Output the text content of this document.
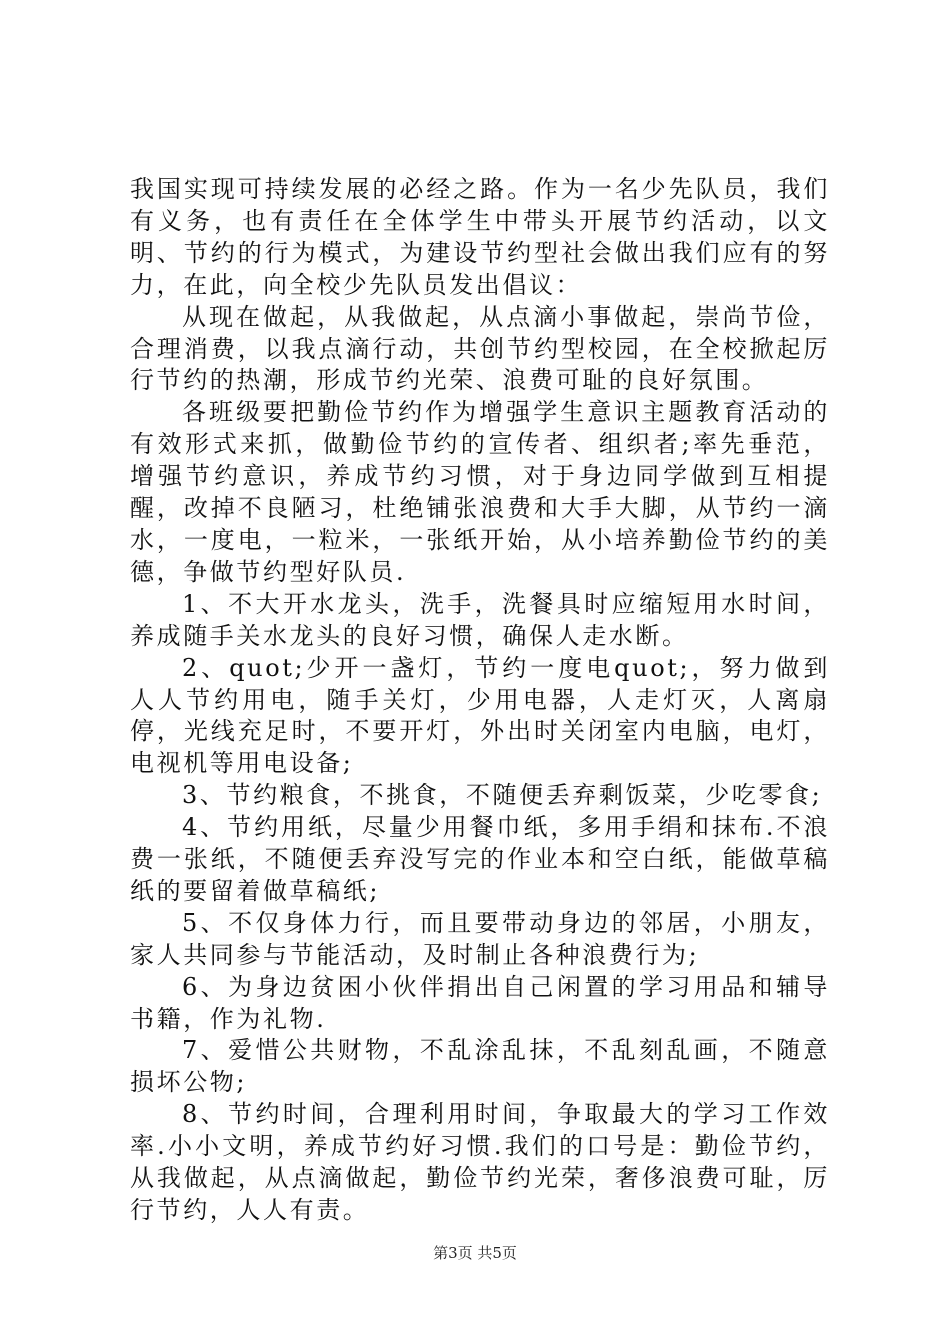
我国实现可持续发展的必经之路。作为一名少先队员，我们有义务，也有责任在全体学生中带头开展节约活动，以文明、节约的行为模式，为建设节约型社会做出我们应有的努力，在此，向全校少先队员发出倡议：

从现在做起，从我做起，从点滴小事做起，崇尚节俭，合理消费，以我点滴行动，共创节约型校园，在全校掀起厉行节约的热潮，形成节约光荣、浪费可耻的良好氛围。

各班级要把勤俭节约作为增强学生意识主题教育活动的有效形式来抓，做勤俭节约的宣传者、组织者;率先垂范，增强节约意识，养成节约习惯，对于身边同学做到互相提醒，改掉不良陋习，杜绝铺张浪费和大手大脚，从节约一滴水，一度电，一粒米，一张纸开始，从小培养勤俭节约的美德，争做节约型好队员.

1、不大开水龙头，洗手，洗餐具时应缩短用水时间，养成随手关水龙头的良好习惯，确保人走水断。

2、quot;少开一盏灯，节约一度电quot;，努力做到人人节约用电，随手关灯，少用电器，人走灯灭，人离扇停，光线充足时，不要开灯，外出时关闭室内电脑，电灯，电视机等用电设备;

3、节约粮食，不挑食，不随便丢弃剩饭菜，少吃零食;

4、节约用纸，尽量少用餐巾纸，多用手绢和抹布.不浪费一张纸，不随便丢弃没写完的作业本和空白纸，能做草稿纸的要留着做草稿纸;

5、不仅身体力行，而且要带动身边的邻居，小朋友，家人共同参与节能活动，及时制止各种浪费行为;

6、为身边贫困小伙伴捐出自己闲置的学习用品和辅导书籍，作为礼物.

7、爱惜公共财物，不乱涂乱抹，不乱刻乱画，不随意损坏公物;

8、节约时间，合理利用时间，争取最大的学习工作效率.小小文明，养成节约好习惯.我们的口号是：勤俭节约，从我做起，从点滴做起，勤俭节约光荣，奢侈浪费可耻，厉行节约，人人有责。

第3页 共5页
